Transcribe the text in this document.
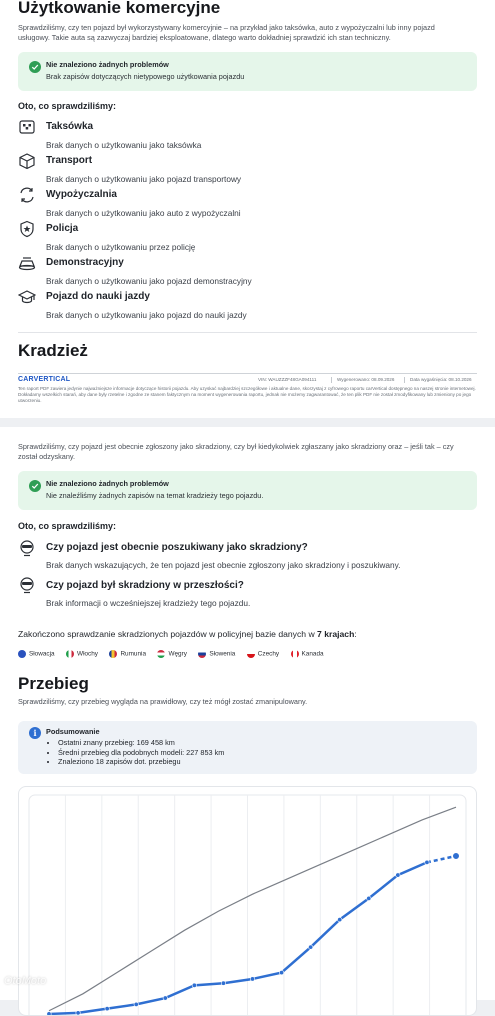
Użytkowanie komercyjne
Sprawdziliśmy, czy ten pojazd był wykorzystywany komercyjnie – na przykład jako taksówka, auto z wypożyczalni lub inny pojazd usługowy. Takie auta są zazwyczaj bardziej eksploatowane, dlatego warto dokładniej sprawdzić ich stan techniczny.
Nie znaleziono żadnych problemów
Brak zapisów dotyczących nietypowego użytkowania pojazdu
Oto, co sprawdziliśmy:
Taksówka
Brak danych o użytkowaniu jako taksówka
Transport
Brak danych o użytkowaniu jako pojazd transportowy
Wypożyczalnia
Brak danych o użytkowaniu jako auto z wypożyczalni
Policja
Brak danych o użytkowaniu przez policję
Demonstracyjny
Brak danych o użytkowaniu jako pojazd demonstracyjny
Pojazd do nauki jazdy
Brak danych o użytkowaniu jako pojazd do nauki jazdy
Kradzież
CARVERTICAL	VIN: WAUZZZF48GA094111	Wygenerowano: 08.09.2026	Data wygaśnięcia: 08.10.2026
Ten raport PDF zawiera jedynie najważniejsze informacje dotyczące historii pojazdu. Aby uzyskać najbardziej szczegółowe i aktualne dane, skorzystaj z cyfrowego raportu carVertical dostępnego na naszej stronie internetowej. Dokładamy wszelkich starań, aby dane były rzetelne i zgodne ze stanem faktycznym na moment wygenerowania raportu, jednak nie możemy zagwarantować, że ten plik PDF nie został zmodyfikowany lub zmieniony po jego utworzeniu.
Sprawdziliśmy, czy pojazd jest obecnie zgłoszony jako skradziony, czy był kiedykolwiek zgłaszany jako skradziony oraz – jeśli tak – czy został odzyskany.
Nie znaleziono żadnych problemów
Nie znaleźliśmy żadnych zapisów na temat kradzieży tego pojazdu.
Oto, co sprawdziliśmy:
Czy pojazd jest obecnie poszukiwany jako skradziony?
Brak danych wskazujących, że ten pojazd jest obecnie zgłoszony jako skradziony i poszukiwany.
Czy pojazd był skradziony w przeszłości?
Brak informacji o wcześniejszej kradzieży tego pojazdu.
Zakończono sprawdzanie skradzionych pojazdów w policyjnej bazie danych w 7 krajach:
Słowacja	Włochy	Rumunia	Węgry	Słowenia	Czechy	Kanada
Przebieg
Sprawdziliśmy, czy przebieg wygląda na prawidłowy, czy też mógł zostać zmanipulowany.
i	Podsumowanie
• Ostatni znany przebieg: 169 458 km
• Średni przebieg dla podobnych modeli: 227 853 km
• Znaleziono 18 zapisów dot. przebiegu
OtoMoto
